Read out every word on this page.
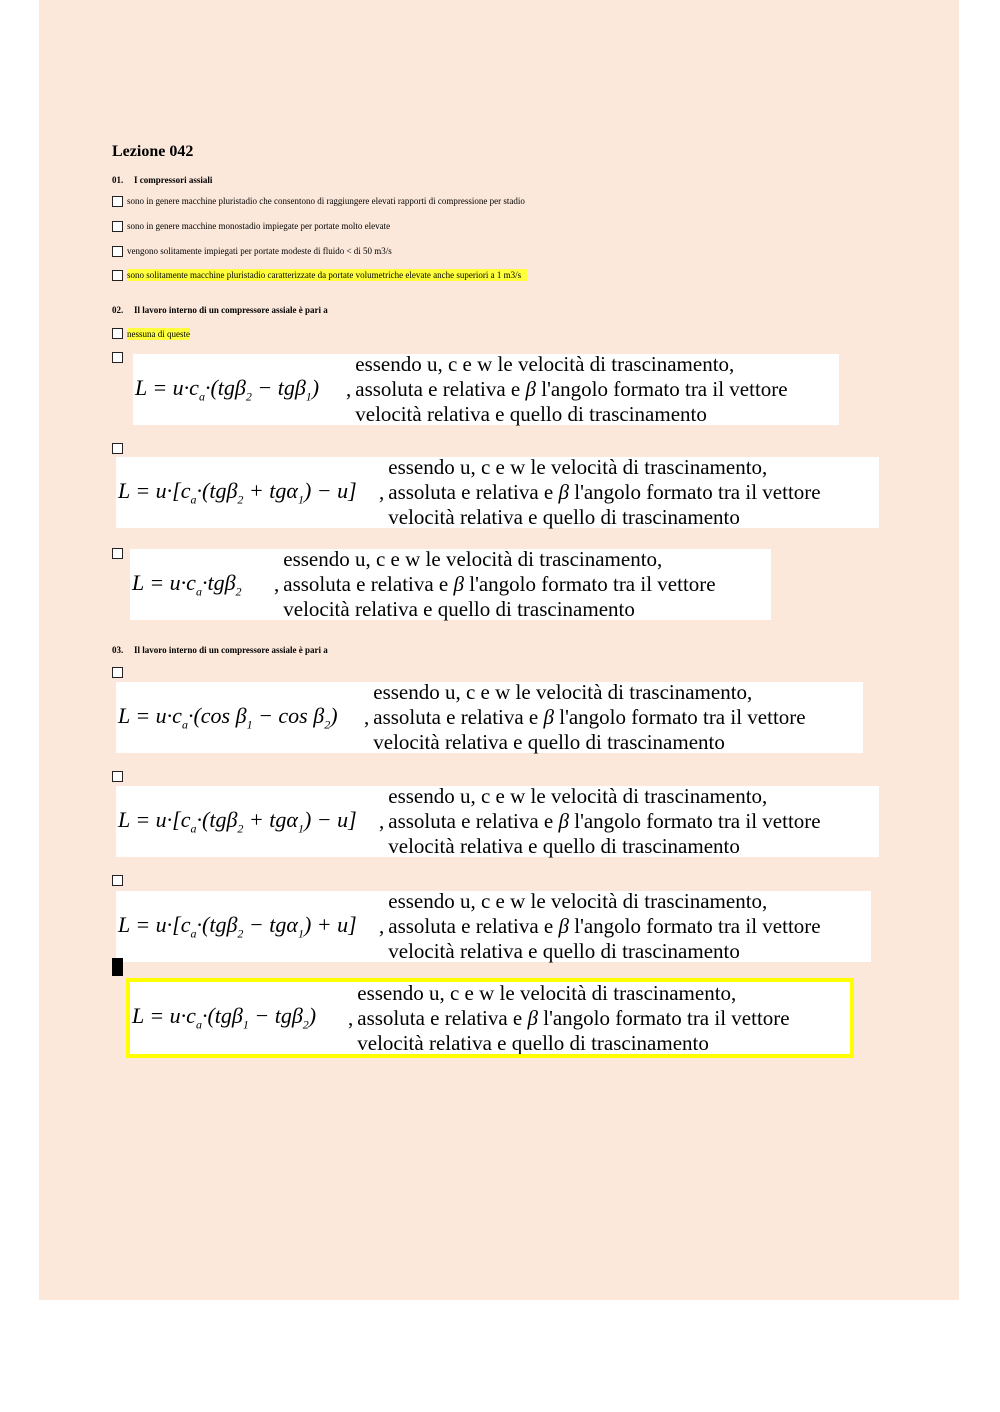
Lezione 042
01. I compressori assiali
sono in genere macchine pluristadio che consentono di raggiungere elevati rapporti di compressione per stadio
sono in genere macchine monostadio impiegate per portate molto elevate
vengono solitamente impiegati per portate modeste di fluido < di 50 m3/s
sono solitamente macchine pluristadio caratterizzate da portate volumetriche elevate anche superiori a 1 m3/s
02. Il lavoro interno di un compressore assiale è pari a
nessuna di queste
$L = u\cdot c_a\cdot(tg\beta_2 - tg\beta_1)$	,
essendo u, c e w le velocità di trascinamento,
assoluta e relativa e β l'angolo formato tra il vettore
velocità relativa e quello di trascinamento
$L = u\cdot[c_a\cdot(tg\beta_2 + tg\alpha_1) - u]$	,
essendo u, c e w le velocità di trascinamento,
assoluta e relativa e β l'angolo formato tra il vettore
velocità relativa e quello di trascinamento
$L = u\cdot c_a\cdot tg\beta_2$	,
essendo u, c e w le velocità di trascinamento,
assoluta e relativa e β l'angolo formato tra il vettore
velocità relativa e quello di trascinamento
03. Il lavoro interno di un compressore assiale è pari a
$L = u\cdot c_a\cdot(\cos$ $\beta_1 - \cos \beta_2$)	,
essendo u, c e w le velocità di trascinamento,
assoluta e relativa e β l'angolo formato tra il vettore
velocità relativa e quello di trascinamento
$L = u\cdot[c_a\cdot(tg\beta_2 + tg\alpha_1) - u]$	,
essendo u, c e w le velocità di trascinamento,
assoluta e relativa e β l'angolo formato tra il vettore
velocità relativa e quello di trascinamento
$L = u\cdot[c_a\cdot(tg\beta_2 - tg\alpha_1) + u]$	,
essendo u, c e w le velocità di trascinamento,
assoluta e relativa e β l'angolo formato tra il vettore
velocità relativa e quello di trascinamento
$L = u\cdot c_a\cdot(tg\beta_1 - tg\beta_2)$	,
essendo u, c e w le velocità di trascinamento,
assoluta e relativa e β l'angolo formato tra il vettore
velocità relativa e quello di trascinamento
